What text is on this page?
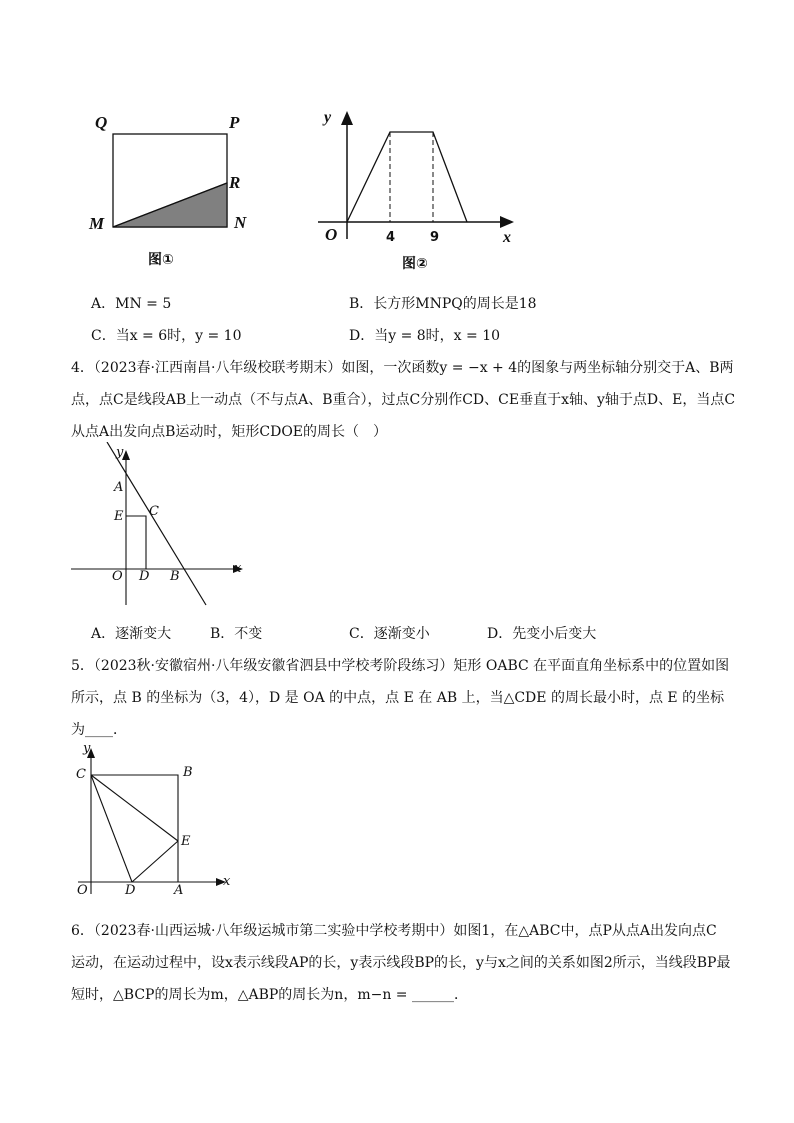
Q	P
M	N
R
图①
y
x
O	4	9
图②
A．MN = 5	B．长方形MNPQ的周长是18
C．当x = 6时，y = 10	D．当y = 8时，x = 10
4．（2023春·江西南昌·八年级校联考期末）如图，一次函数y = −x + 4的图象与两坐标轴分别交于A、B两
点，点C是线段AB上一动点（不与点A、B重合），过点C分别作CD、CE垂直于x轴、y轴于点D、E，当点C
从点A出发向点B运动时，矩形CDOE的周长（　）
y
A
E C
O D B
x
A．逐渐变大	B．不变	C．逐渐变小	D．先变小后变大
5．（2023秋·安徽宿州·八年级安徽省泗县中学校考阶段练习）矩形 OABC 在平面直角坐标系中的位置如图
所示，点 B 的坐标为（3，4），D 是 OA 的中点，点 E 在 AB 上，当△CDE 的周长最小时，点 E 的坐标
为____．
y
C	B
E
O	D	A
x
6．（2023春·山西运城·八年级运城市第二实验中学校考期中）如图1，在△ABC中，点P从点A出发向点C
运动，在运动过程中，设x表示线段AP的长，y表示线段BP的长，y与x之间的关系如图2所示，当线段BP最
短时，△BCP的周长为m，△ABP的周长为n，m−n = ______．
